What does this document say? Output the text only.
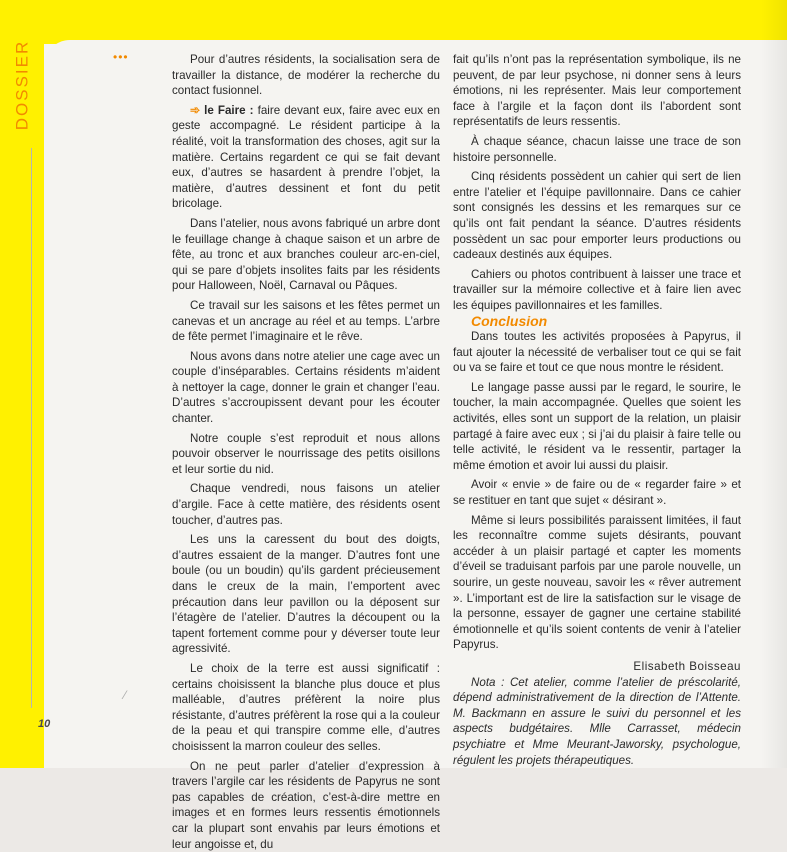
DOSSIER	•••	Pour d’autres résidents, la socialisation sera de travailler la distance, de modérer la recherche du contact fusionnel.

➾ le Faire : faire devant eux, faire avec eux en geste accompagné. Le résident participe à la réalité, voit la transformation des choses, agit sur la matière. Certains regardent ce qui se fait devant eux, d’autres se hasardent à prendre l’objet, la matière, d’autres dessinent et font du petit bricolage.

Dans l’atelier, nous avons fabriqué un arbre dont le feuillage change à chaque saison et un arbre de fête, au tronc et aux branches couleur arc-en-ciel, qui se pare d’objets insolites faits par les résidents pour Halloween, Noël, Carnaval ou Pâques.

Ce travail sur les saisons et les fêtes permet un canevas et un ancrage au réel et au temps. L’arbre de fête permet l’imaginaire et le rêve.

Nous avons dans notre atelier une cage avec un couple d’inséparables. Certains résidents m’aident à nettoyer la cage, donner le grain et changer l’eau. D’autres s’accroupissent devant pour les écouter chanter.

Notre couple s’est reproduit et nous allons pouvoir observer le nourrissage des petits oisillons et leur sortie du nid.

Chaque vendredi, nous faisons un atelier d’argile. Face à cette matière, des résidents osent toucher, d’autres pas.

Les uns la caressent du bout des doigts, d’autres essaient de la manger. D’autres font une boule (ou un boudin) qu’ils gardent précieusement dans le creux de la main, l’emportent avec précaution dans leur pavillon ou la déposent sur l’étagère de l’atelier. D’autres la découpent ou la tapent fortement comme pour y déverser toute leur agressivité.

Le choix de la terre est aussi significatif : certains choisissent la blanche plus douce et plus malléable, d’autres préfèrent la noire plus résistante, d’autres préfèrent la rose qui a la couleur de la peau et qui transpire comme elle, d’autres choisissent la marron couleur des selles.

On ne peut parler d’atelier d’expression à travers l’argile car les résidents de Papyrus ne sont pas capables de création, c’est-à-dire mettre en images et en formes leurs ressentis émotionnels car la plupart sont envahis par leurs émotions et leur angoisse et, du

fait qu’ils n’ont pas la représentation symbolique, ils ne peuvent, de par leur psychose, ni donner sens à leurs émotions, ni les représenter. Mais leur comportement face à l’argile et la façon dont ils l’abordent sont représentatifs de leurs ressentis.

À chaque séance, chacun laisse une trace de son histoire personnelle.

Cinq résidents possèdent un cahier qui sert de lien entre l’atelier et l’équipe pavillonnaire. Dans ce cahier sont consignés les dessins et les remarques sur ce qu’ils ont fait pendant la séance. D’autres résidents possèdent un sac pour emporter leurs productions ou cadeaux destinés aux équipes.

Cahiers ou photos contribuent à laisser une trace et travailler sur la mémoire collective et à faire lien avec les équipes pavillonnaires et les familles.

Conclusion

Dans toutes les activités proposées à Papyrus, il faut ajouter la nécessité de verbaliser tout ce qui se fait ou va se faire et tout ce que nous montre le résident.

Le langage passe aussi par le regard, le sourire, le toucher, la main accompagnée. Quelles que soient les activités, elles sont un support de la relation, un plaisir partagé à faire avec eux ; si j’ai du plaisir à faire telle ou telle activité, le résident va le ressentir, partager la même émotion et avoir lui aussi du plaisir.

Avoir « envie » de faire ou de « regarder faire » et se restituer en tant que sujet « désirant ».

Même si leurs possibilités paraissent limitées, il faut les reconnaître comme sujets désirants, pouvant accéder à un plaisir partagé et capter les moments d’éveil se traduisant parfois par une parole nouvelle, un sourire, un geste nouveau, savoir les « rêver autrement ». L’important est de lire la satisfaction sur le visage de la personne, essayer de gagner une certaine stabilité émotionnelle et qu’ils soient contents de venir à l’atelier Papyrus.

Elisabeth Boisseau

Nota : Cet atelier, comme l’atelier de préscolarité, dépend administrativement de la direction de l’Attente. M. Backmann en assure le suivi du personnel et les aspects budgétaires. Mlle Carrasset, médecin psychiatre et Mme Meurant-Jaworsky, psychologue, régulent les projets thérapeutiques.

⁄
10
